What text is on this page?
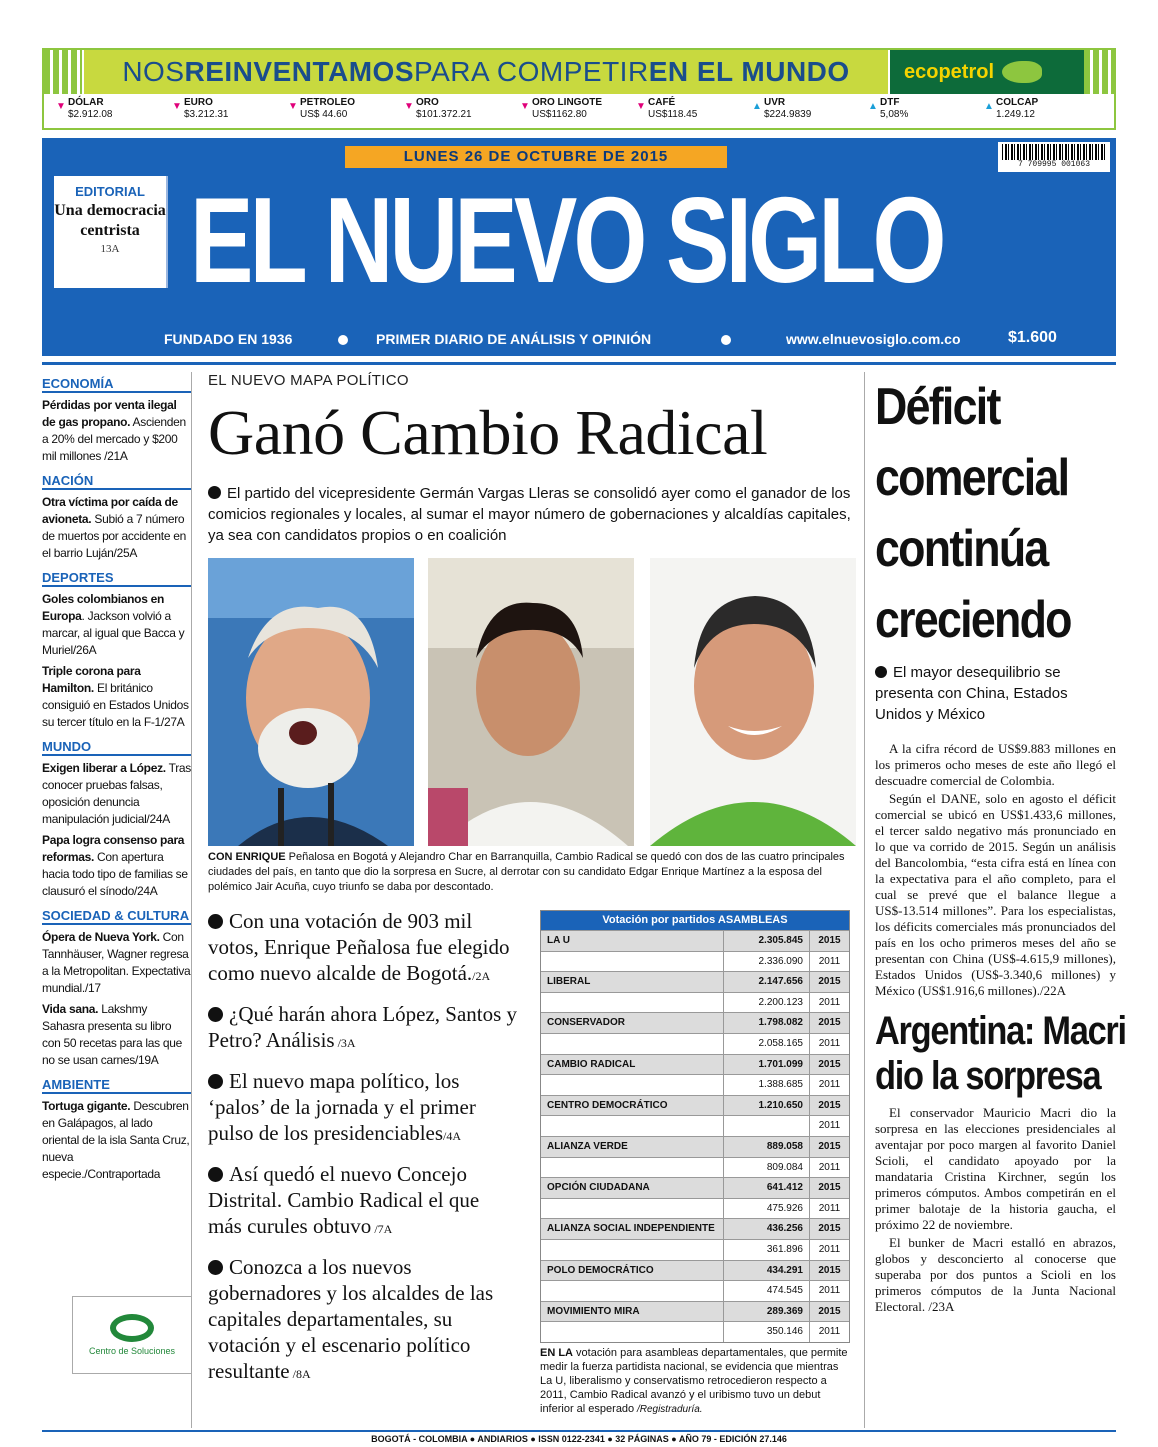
NOS REINVENTAMOS PARA COMPETIR EN EL MUNDO	ecopetrol
▼ DÓLAR
$2.912.08
▼ EURO
$3.212.31
▼ PETROLEO
US$ 44.60
▼ ORO
$101.372.21
▼ ORO LINGOTE
US$1162.80
▼ CAFÉ
US$118.45
▲ UVR
$224.9839
▲ DTF
5,08%
▲ COLCAP
1.249.12
LUNES 26 DE OCTUBRE DE 2015	7 709995 001063
EDITORIAL
Una democracia centrista
13A EL NUEVO SIGLO
FUNDADO EN 1936	PRIMER DIARIO DE ANÁLISIS Y OPINIÓN	www.elnuevosiglo.com.co	$1.600
ECONOMÍA
Pérdidas por venta ilegal de gas propano. Ascienden a 20% del mercado y $200 mil millones /21A
NACIÓN
Otra víctima por caída de avioneta. Subió a 7 número de muertos por accidente en el barrio Luján/25A
DEPORTES
Goles colombianos en Europa. Jackson volvió a marcar, al igual que Bacca y Muriel/26A
Triple corona para Hamilton. El británico consiguió en Estados Unidos su tercer título en la F-1/27A
MUNDO
Exigen liberar a López. Tras conocer pruebas falsas, oposición denuncia manipulación judicial/24A
Papa logra consenso para reformas. Con apertura hacia todo tipo de familias se clausuró el sínodo/24A
SOCIEDAD & CULTURA
Ópera de Nueva York. Con Tannhäuser, Wagner regresa a la Metropolitan. Expectativa mundial./17
Vida sana. Lakshmy Sahasra presenta su libro con 50 recetas para las que no se usan carnes/19A
AMBIENTE
Tortuga gigante. Descubren en Galápagos, al lado oriental de la isla Santa Cruz, nueva especie./Contraportada
Centro de Soluciones
EL NUEVO MAPA POLÍTICO
Ganó Cambio Radical
El partido del vicepresidente Germán Vargas Lleras se consolidó ayer como el ganador de los comicios regionales y locales, al sumar el mayor número de gobernaciones y alcaldías capitales, ya sea con candidatos propios o en coalición
CON ENRIQUE Peñalosa en Bogotá y Alejandro Char en Barranquilla, Cambio Radical se quedó con dos de las cuatro principales ciudades del país, en tanto que dio la sorpresa en Sucre, al derrotar con su candidato Edgar Enrique Martínez a la esposa del polémico Jair Acuña, cuyo triunfo se daba por descontado.
Con una votación de 903 mil votos, Enrique Peñalosa fue elegido como nuevo alcalde de Bogotá./2A
¿Qué harán ahora López, Santos y Petro? Análisis /3A
El nuevo mapa político, los ‘palos’ de la jornada y el primer pulso de los presidenciables/4A
Así quedó el nuevo Concejo Distrital. Cambio Radical el que más curules obtuvo /7A
Conozca a los nuevos gobernadores y los alcaldes de las capitales departamentales, su votación y el escenario político resultante /8A
Votación por partidos ASAMBLEAS
LA U	2.305.845	2015
2.336.090	2011
LIBERAL	2.147.656	2015
2.200.123	2011
CONSERVADOR	1.798.082	2015
2.058.165	2011
CAMBIO RADICAL	1.701.099	2015
1.388.685	2011
CENTRO DEMOCRÁTICO	1.210.650	2015
2011
ALIANZA VERDE	889.058	2015
809.084	2011
OPCIÓN CIUDADANA	641.412	2015
475.926	2011
ALIANZA SOCIAL INDEPENDIENTE	436.256	2015
361.896	2011
POLO DEMOCRÁTICO	434.291	2015
474.545	2011
MOVIMIENTO MIRA	289.369	2015
350.146	2011
EN LA votación para asambleas departamentales, que permite medir la fuerza partidista nacional, se evidencia que mientras La U, liberalismo y conservatismo retrocedieron respecto a 2011, Cambio Radical avanzó y el uribismo tuvo un debut inferior al esperado /Registraduría.
Déficit comercial continúa creciendo
El mayor desequilibrio se presenta con China, Estados Unidos y México

A la cifra récord de US$9.883 millones en los primeros ocho meses de este año llegó el descuadre comercial de Colombia.

Según el DANE, solo en agosto el déficit comercial se ubicó en US$1.433,6 millones, el tercer saldo negativo más pronunciado en lo que va corrido de 2015. Según un análisis del Bancolombia, “esta cifra está en línea con la expectativa para el año completo, para el cual se prevé que el balance llegue a US$-13.514 millones”. Para los especialistas, los déficits comerciales más pronunciados del país en los ocho primeros meses del año se presentan con China (US$-4.615,9 millones), Estados Unidos (US$-3.340,6 millones) y México (US$1.916,6 millones)./22A

Argentina: Macri dio la sorpresa

El conservador Mauricio Macri dio la sorpresa en las elecciones presidenciales al aventajar por poco margen al favorito Daniel Scioli, el candidato apoyado por la mandataria Cristina Kirchner, según los primeros cómputos. Ambos competirán en el primer balotaje de la historia gaucha, el próximo 22 de noviembre.

El bunker de Macri estalló en abrazos, globos y desconcierto al conocerse que superaba por dos puntos a Scioli en los primeros cómputos de la Junta Nacional Electoral. /23A

BOGOTÁ - COLOMBIA ● ANDIARIOS ● ISSN 0122-2341 ● 32 PÁGINAS ● AÑO 79 - EDICIÓN 27.146
